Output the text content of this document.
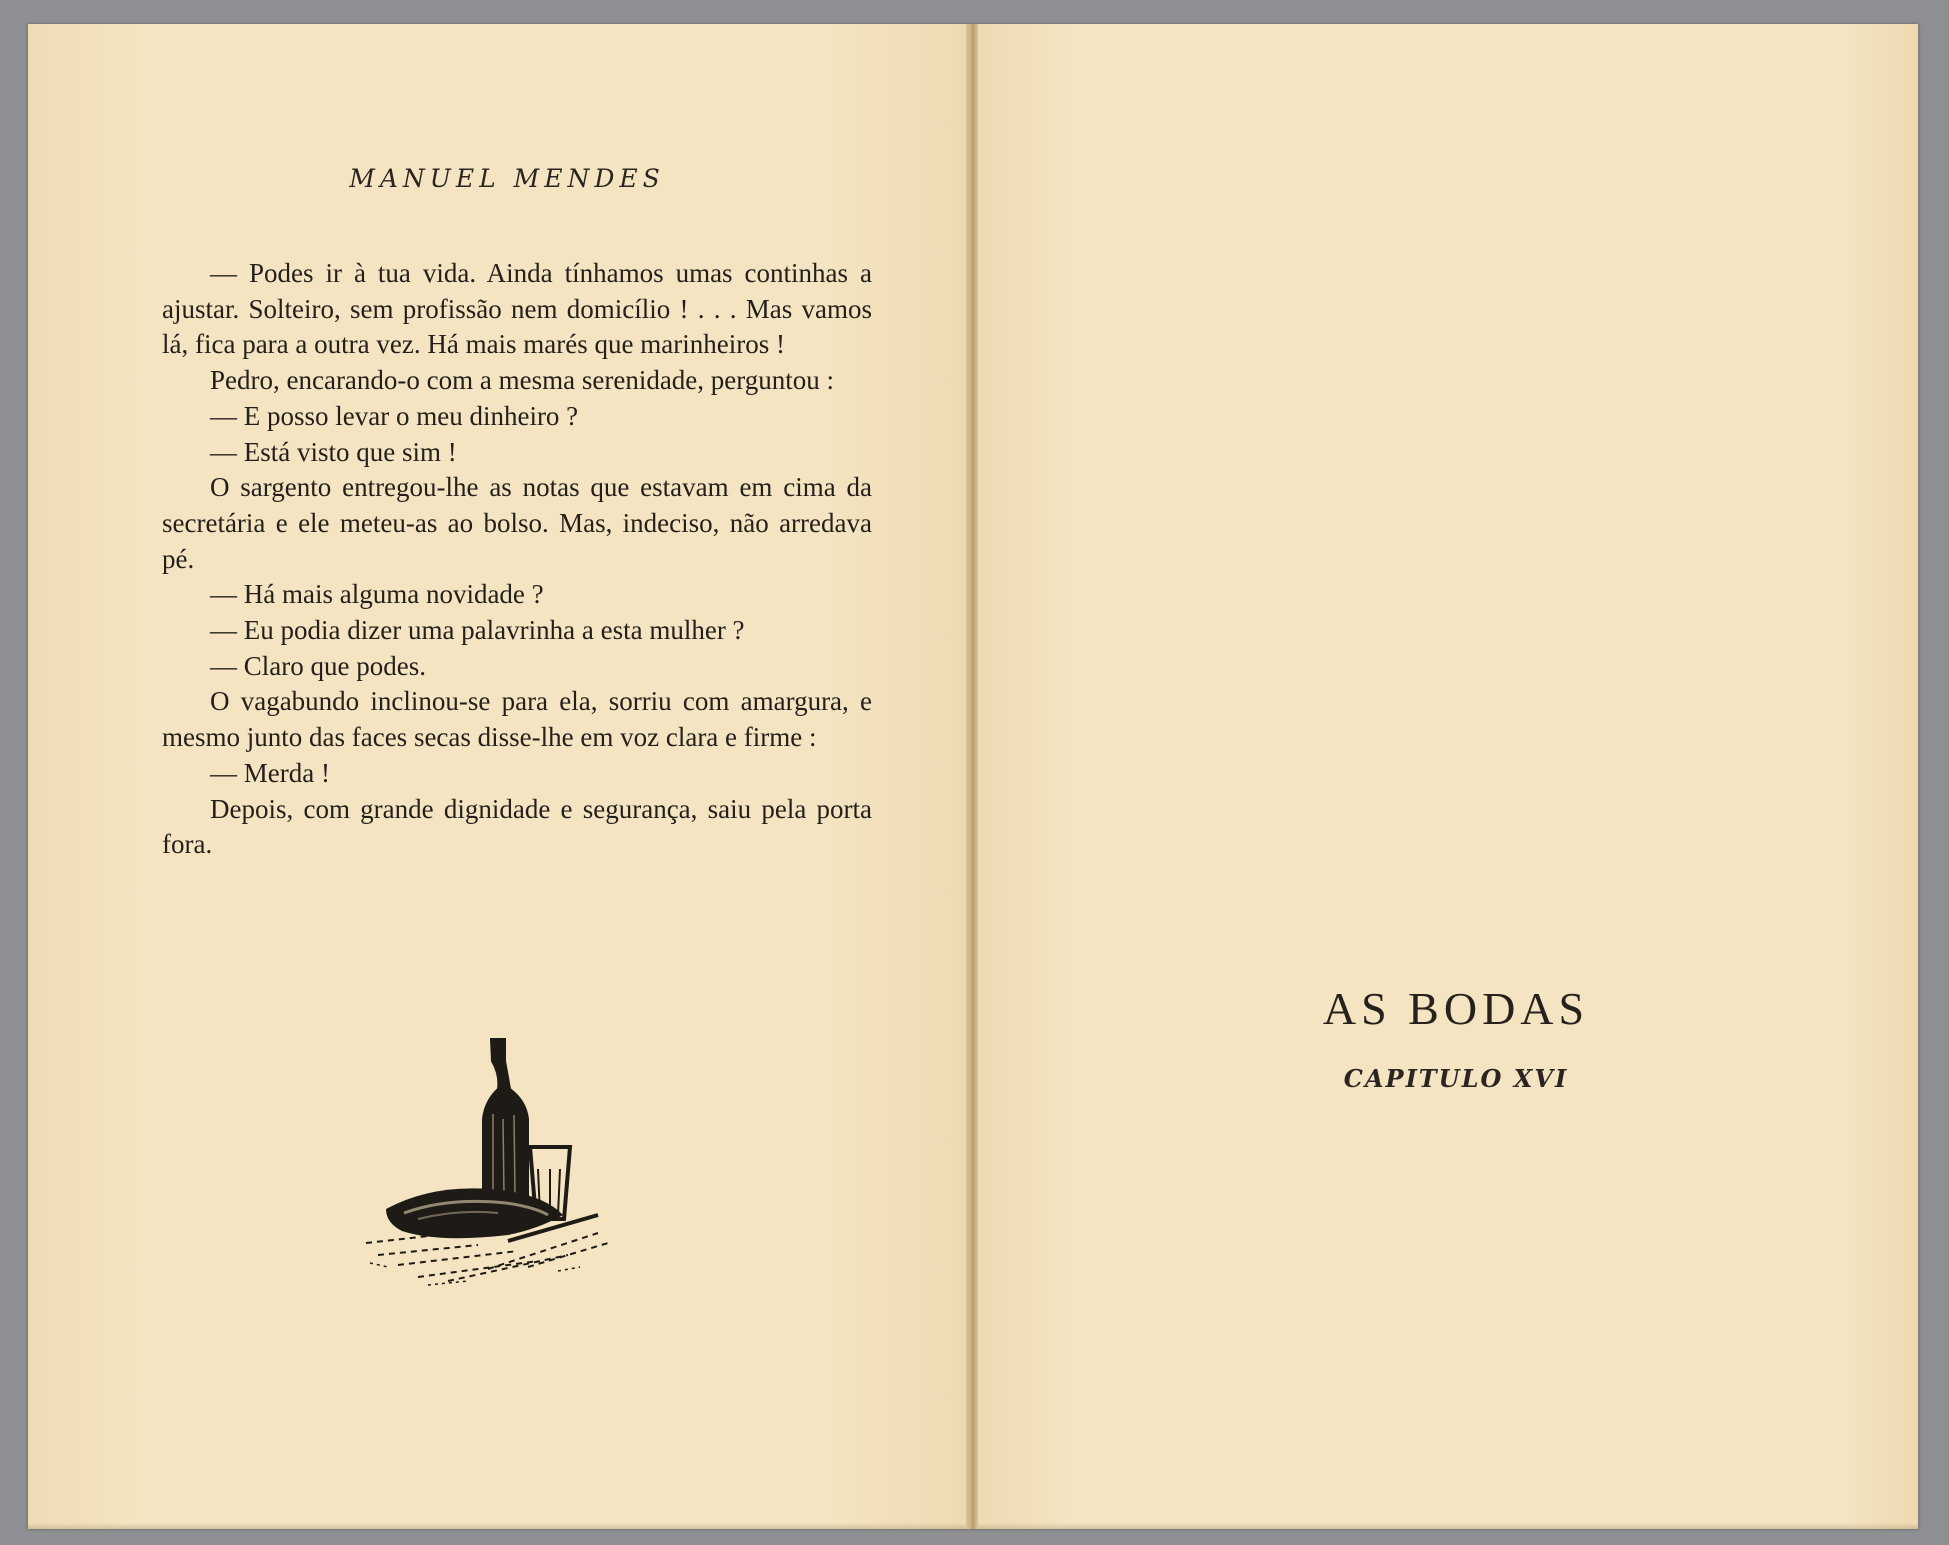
MANUEL MENDES

— Podes ir à tua vida. Ainda tínhamos umas continhas a ajustar. Solteiro, sem profissão nem domicílio ! . . . Mas vamos lá, fica para a outra vez. Há mais marés que marinheiros !

Pedro, encarando-o com a mesma serenidade, perguntou :

— E posso levar o meu dinheiro ?

— Está visto que sim !

O sargento entregou-lhe as notas que estavam em cima da secretária e ele meteu-as ao bolso. Mas, indeciso, não arredava pé.

— Há mais alguma novidade ?

— Eu podia dizer uma palavrinha a esta mulher ?

— Claro que podes.

O vagabundo inclinou-se para ela, sorriu com amargura, e mesmo junto das faces secas disse-lhe em voz clara e firme :

— Merda !

Depois, com grande dignidade e segurança, saiu pela porta fora.

AS BODAS
CAPITULO XVI
